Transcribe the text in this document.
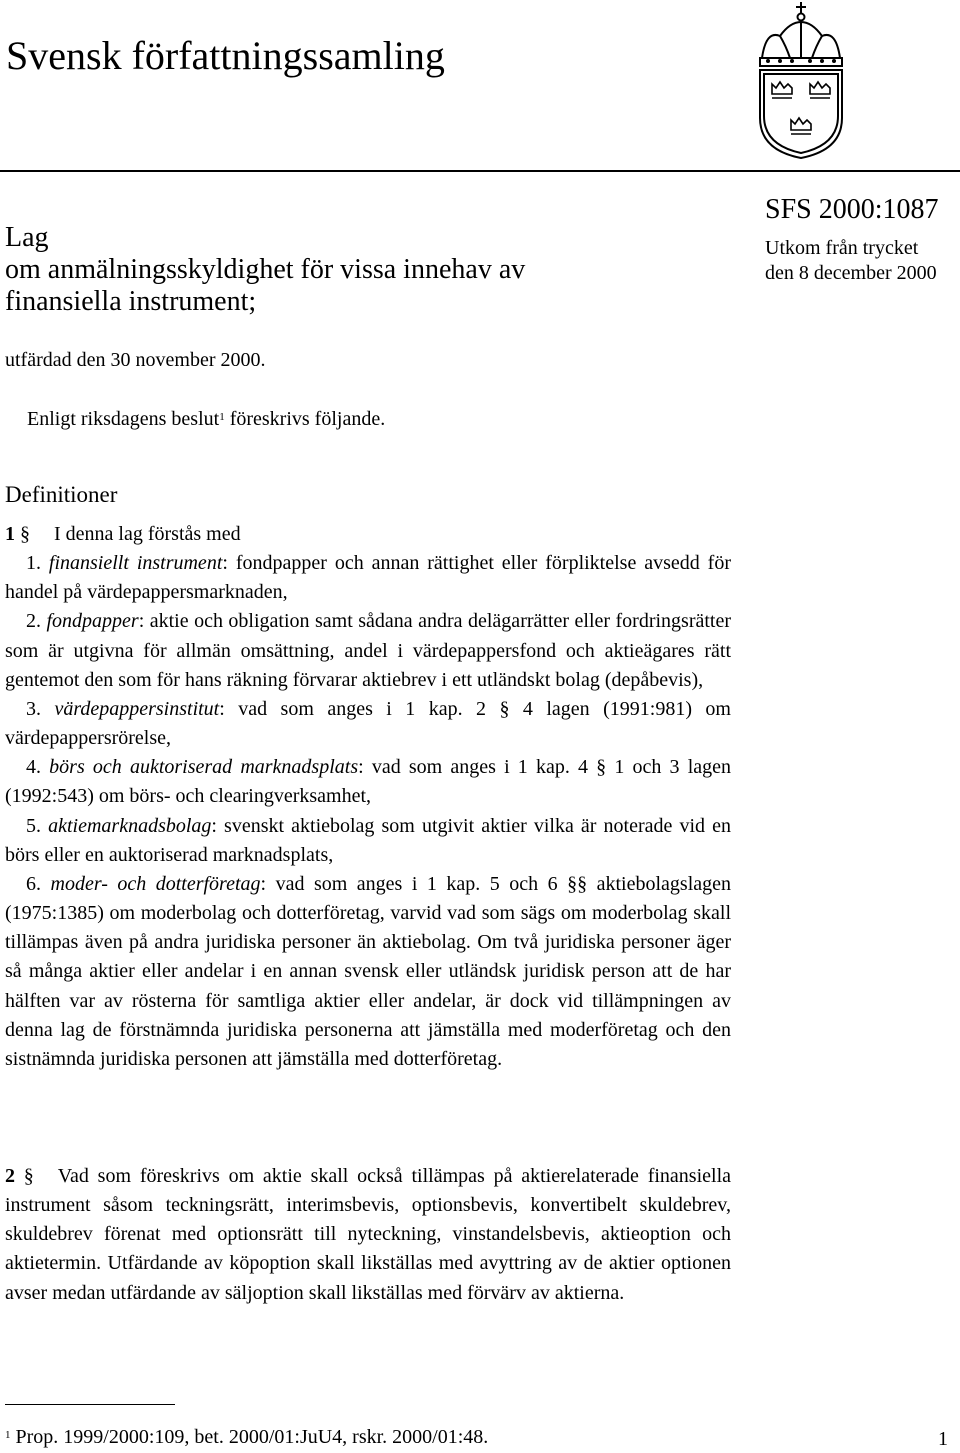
Svensk författningssamling
Lag
om anmälningsskyldighet för vissa innehav av
finansiella instrument;
SFS 2000:1087
Utkom från trycket
den 8 december 2000
utfärdad den 30 november 2000.
Enligt riksdagens beslut$^1$ föreskrivs följande.
Definitioner

1 § I denna lag förstås med

1. finansiellt instrument: fondpapper och annan rättighet eller förpliktelse avsedd för handel på värdepappersmarknaden,

2. fondpapper: aktie och obligation samt sådana andra delägarrätter eller fordringsrätter som är utgivna för allmän omsättning, andel i värdepappersfond och aktieägares rätt gentemot den som för hans räkning förvarar aktiebrev i ett utländskt bolag (depåbevis),

3. värdepappersinstitut: vad som anges i 1 kap. 2 § 4 lagen (1991:981) om värdepappersrörelse,

4. börs och auktoriserad marknadsplats: vad som anges i 1 kap. 4 § 1 och 3 lagen (1992:543) om börs- och clearingverksamhet,

5. aktiemarknadsbolag: svenskt aktiebolag som utgivit aktier vilka är noterade vid en börs eller en auktoriserad marknadsplats,

6. moder- och dotterföretag: vad som anges i 1 kap. 5 och 6 §§ aktiebolagslagen (1975:1385) om moderbolag och dotterföretag, varvid vad som sägs om moderbolag skall tillämpas även på andra juridiska personer än aktiebolag. Om två juridiska personer äger så många aktier eller andelar i en annan svensk eller utländsk juridisk person att de har hälften var av rösterna för samtliga aktier eller andelar, är dock vid tillämpningen av denna lag de förstnämnda juridiska personerna att jämställa med moderföretag och den sistnämnda juridiska personen att jämställa med dotterföretag.

2 § Vad som föreskrivs om aktie skall också tillämpas på aktierelaterade finansiella instrument såsom teckningsrätt, interimsbevis, optionsbevis, konvertibelt skuldebrev, skuldebrev förenat med optionsrätt till nyteckning, vinstandelsbevis, aktieoption och aktietermin. Utfärdande av köpoption skall likställas med avyttring av de aktier optionen avser medan utfärdande av säljoption skall likställas med förvärv av aktierna.

$^1$ Prop. 1999/2000:109, bet. 2000/01:JuU4, rskr. 2000/01:48.	1
